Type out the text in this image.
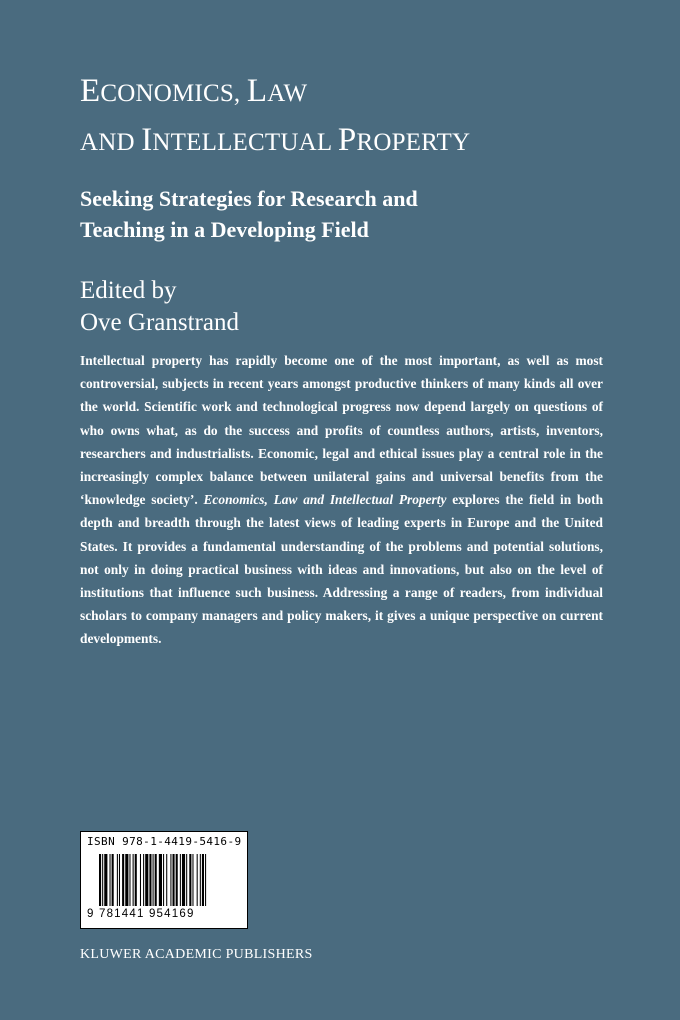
ECONOMICS, LAW
AND INTELLECTUAL PROPERTY
Seeking Strategies for Research and
Teaching in a Developing Field
Edited by
Ove Granstrand
Intellectual property has rapidly become one of the most important, as well as most controversial, subjects in recent years amongst productive thinkers of many kinds all over the world. Scientific work and technological progress now depend largely on questions of who owns what, as do the success and profits of countless authors, artists, inventors, researchers and industrialists. Economic, legal and ethical issues play a central role in the increasingly complex balance between unilateral gains and universal benefits from the ‘knowledge society’. Economics, Law and Intellectual Property explores the field in both depth and breadth through the latest views of leading experts in Europe and the United States. It provides a fundamental understanding of the problems and potential solutions, not only in doing practical business with ideas and innovations, but also on the level of institutions that influence such business. Addressing a range of readers, from individual scholars to company managers and policy makers, it gives a unique perspective on current developments.
ISBN 978-1-4419-5416-9
9 781441 954169
KLUWER ACADEMIC PUBLISHERS
